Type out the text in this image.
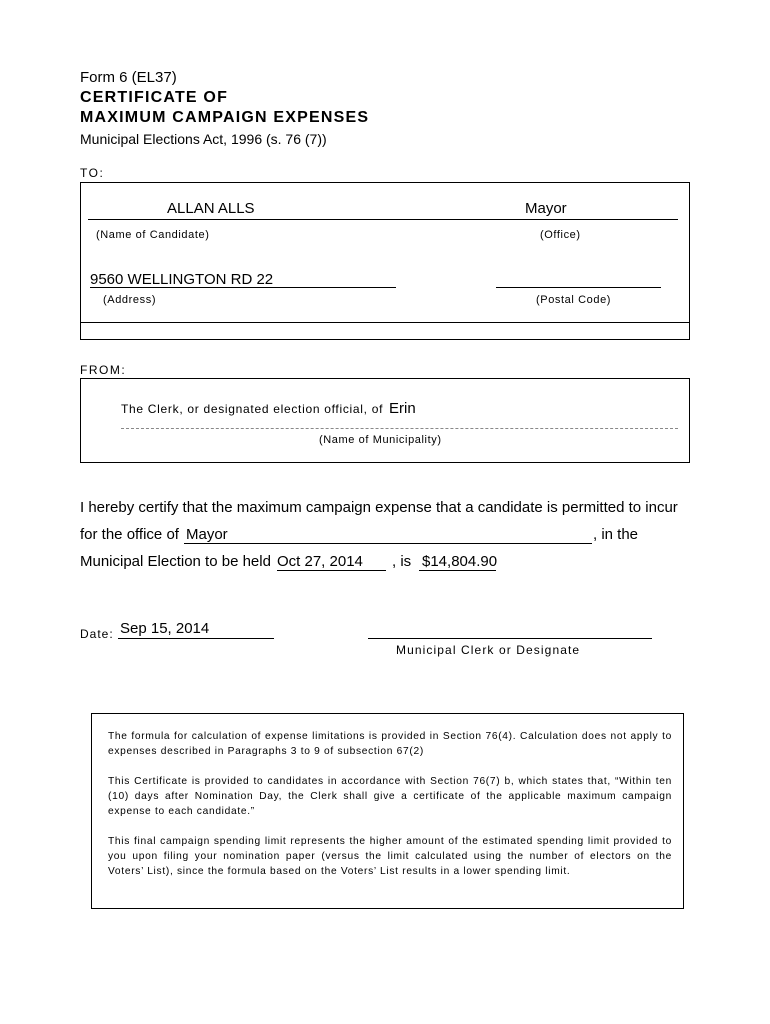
Form 6 (EL37)
CERTIFICATE OF
MAXIMUM CAMPAIGN EXPENSES
Municipal Elections Act, 1996 (s. 76 (7))
TO:
ALLAN ALLS	Mayor
(Name of Candidate)	(Office)
9560 WELLINGTON RD 22
(Address)	(Postal Code)
FROM:
The Clerk, or designated election official, of Erin
(Name of Municipality)
I hereby certify that the maximum campaign expense that a candidate is permitted to incur
for the office of Mayor	, in the
Municipal Election to be held Oct 27, 2014 , is $14,804.90
Date: Sep 15, 2014
Municipal Clerk or Designate
The formula for calculation of expense limitations is provided in Section 76(4). Calculation does not apply to expenses described in Paragraphs 3 to 9 of subsection 67(2)
This Certificate is provided to candidates in accordance with Section 76(7) b, which states that, “Within ten (10) days after Nomination Day, the Clerk shall give a certificate of the applicable maximum campaign expense to each candidate.”
This final campaign spending limit represents the higher amount of the estimated spending limit provided to you upon filing your nomination paper (versus the limit calculated using the number of electors on the Voters’ List), since the formula based on the Voters’ List results in a lower spending limit.
